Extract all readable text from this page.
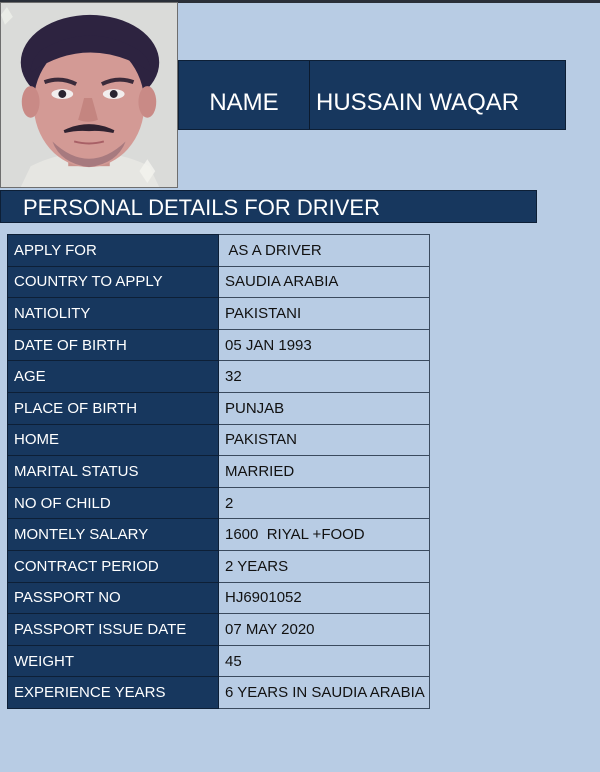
NAME	HUSSAIN WAQAR
PERSONAL DETAILS FOR DRIVER
APPLY FOR	AS A DRIVER
COUNTRY TO APPLY	SAUDIA ARABIA
NATIOLITY	PAKISTANI
DATE OF BIRTH	05 JAN 1993
AGE	32
PLACE OF BIRTH	PUNJAB
HOME	PAKISTAN
MARITAL STATUS	MARRIED
NO OF CHILD	2
MONTELY SALARY	1600  RIYAL +FOOD
CONTRACT PERIOD	2 YEARS
PASSPORT NO	HJ6901052
PASSPORT ISSUE DATE	07 MAY 2020
WEIGHT	45
EXPERIENCE YEARS	6 YEARS IN SAUDIA ARABIA
